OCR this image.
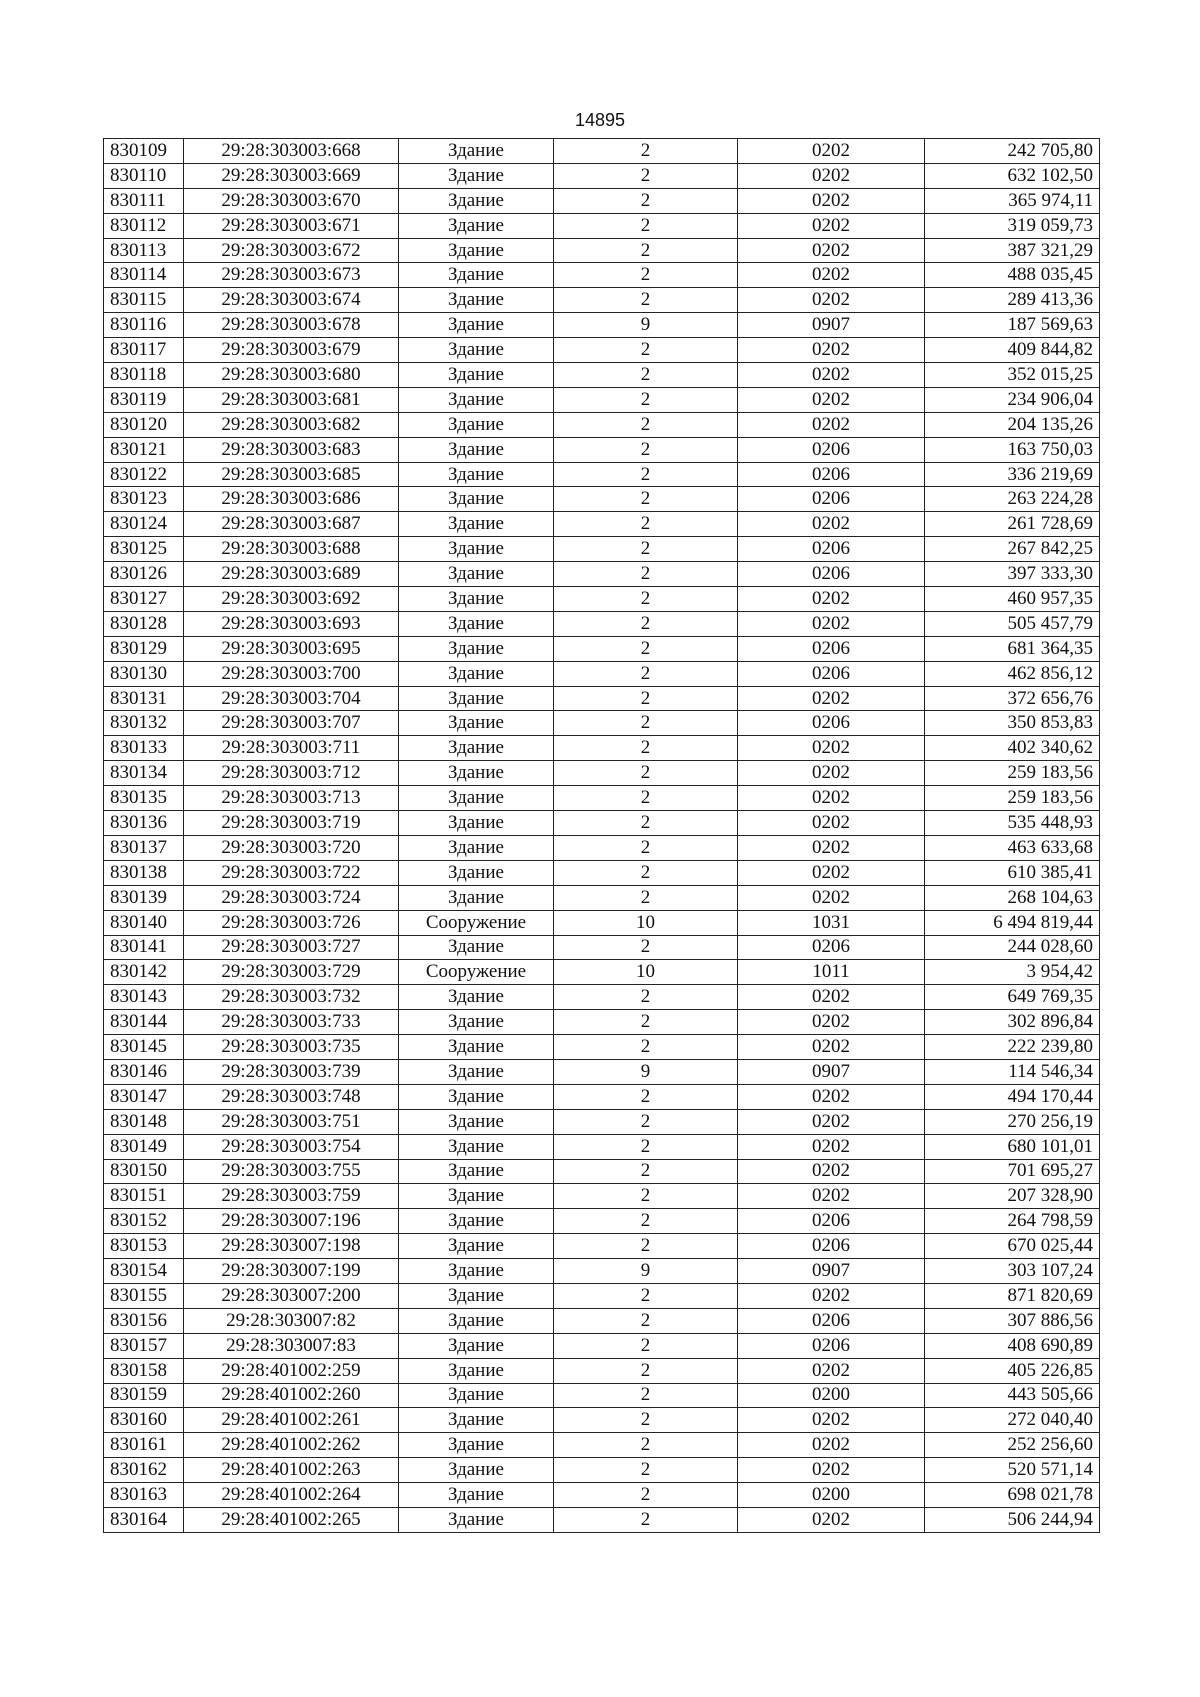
14895
830109	29:28:303003:668	Здание	2	0202	242 705,80
830110	29:28:303003:669	Здание	2	0202	632 102,50
830111	29:28:303003:670	Здание	2	0202	365 974,11
830112	29:28:303003:671	Здание	2	0202	319 059,73
830113	29:28:303003:672	Здание	2	0202	387 321,29
830114	29:28:303003:673	Здание	2	0202	488 035,45
830115	29:28:303003:674	Здание	2	0202	289 413,36
830116	29:28:303003:678	Здание	9	0907	187 569,63
830117	29:28:303003:679	Здание	2	0202	409 844,82
830118	29:28:303003:680	Здание	2	0202	352 015,25
830119	29:28:303003:681	Здание	2	0202	234 906,04
830120	29:28:303003:682	Здание	2	0202	204 135,26
830121	29:28:303003:683	Здание	2	0206	163 750,03
830122	29:28:303003:685	Здание	2	0206	336 219,69
830123	29:28:303003:686	Здание	2	0206	263 224,28
830124	29:28:303003:687	Здание	2	0202	261 728,69
830125	29:28:303003:688	Здание	2	0206	267 842,25
830126	29:28:303003:689	Здание	2	0206	397 333,30
830127	29:28:303003:692	Здание	2	0202	460 957,35
830128	29:28:303003:693	Здание	2	0202	505 457,79
830129	29:28:303003:695	Здание	2	0206	681 364,35
830130	29:28:303003:700	Здание	2	0206	462 856,12
830131	29:28:303003:704	Здание	2	0202	372 656,76
830132	29:28:303003:707	Здание	2	0206	350 853,83
830133	29:28:303003:711	Здание	2	0202	402 340,62
830134	29:28:303003:712	Здание	2	0202	259 183,56
830135	29:28:303003:713	Здание	2	0202	259 183,56
830136	29:28:303003:719	Здание	2	0202	535 448,93
830137	29:28:303003:720	Здание	2	0202	463 633,68
830138	29:28:303003:722	Здание	2	0202	610 385,41
830139	29:28:303003:724	Здание	2	0202	268 104,63
830140	29:28:303003:726	Сооружение	10	1031	6 494 819,44
830141	29:28:303003:727	Здание	2	0206	244 028,60
830142	29:28:303003:729	Сооружение	10	1011	3 954,42
830143	29:28:303003:732	Здание	2	0202	649 769,35
830144	29:28:303003:733	Здание	2	0202	302 896,84
830145	29:28:303003:735	Здание	2	0202	222 239,80
830146	29:28:303003:739	Здание	9	0907	114 546,34
830147	29:28:303003:748	Здание	2	0202	494 170,44
830148	29:28:303003:751	Здание	2	0202	270 256,19
830149	29:28:303003:754	Здание	2	0202	680 101,01
830150	29:28:303003:755	Здание	2	0202	701 695,27
830151	29:28:303003:759	Здание	2	0202	207 328,90
830152	29:28:303007:196	Здание	2	0206	264 798,59
830153	29:28:303007:198	Здание	2	0206	670 025,44
830154	29:28:303007:199	Здание	9	0907	303 107,24
830155	29:28:303007:200	Здание	2	0202	871 820,69
830156	29:28:303007:82	Здание	2	0206	307 886,56
830157	29:28:303007:83	Здание	2	0206	408 690,89
830158	29:28:401002:259	Здание	2	0202	405 226,85
830159	29:28:401002:260	Здание	2	0200	443 505,66
830160	29:28:401002:261	Здание	2	0202	272 040,40
830161	29:28:401002:262	Здание	2	0202	252 256,60
830162	29:28:401002:263	Здание	2	0202	520 571,14
830163	29:28:401002:264	Здание	2	0200	698 021,78
830164	29:28:401002:265	Здание	2	0202	506 244,94
